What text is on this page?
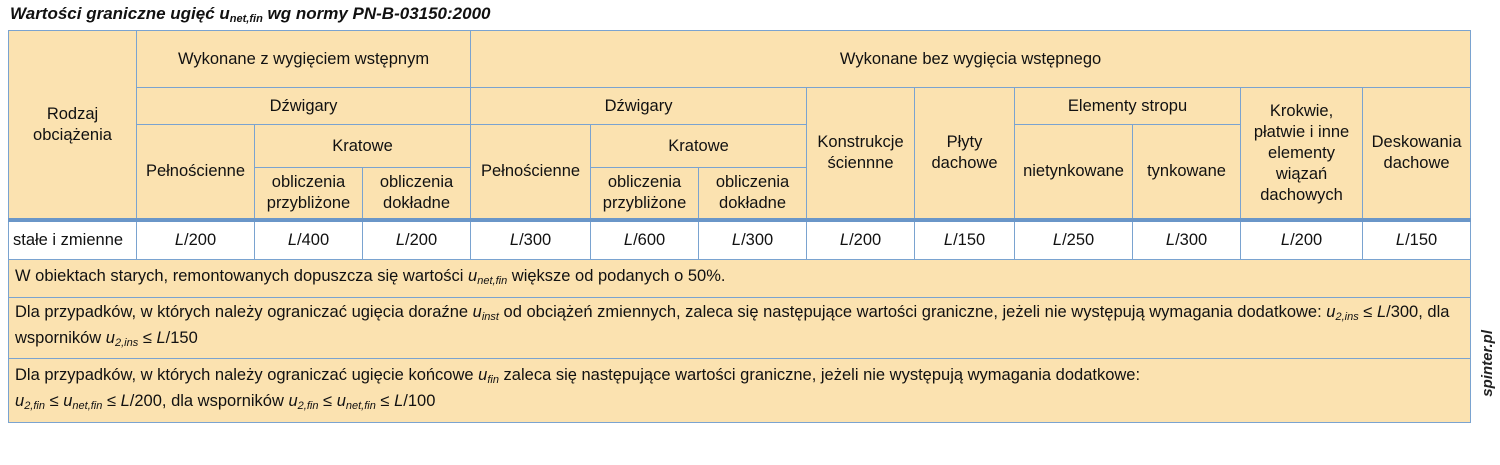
Wartości graniczne ugięć $u_{net,fin}$ wg normy PN-B-03150:2000
spinter.pl
Rodzaj obciążenia	Wykonane z wygięciem wstępnym			Wykonane bez wygięcia wstępnego								
	Dźwigary			Dźwigary			Konstrukcje ściennne	Płyty dachowe	Elementy stropu		Krokwie, płatwie i inne elementy wiązań dachowych	Deskowania dachowe
	Pełnościenne	Kratowe		Pełnościenne	Kratowe				nietynkowane	tynkowane		
		obliczenia przybliżone	obliczenia dokładne		obliczenia przybliżone	obliczenia dokładne						
stałe i zmienne	L/200	L/400	L/200	L/300	L/600	L/300	L/200	L/150	L/250	L/300	L/200	L/150
W obiektach starych, remontowanych dopuszcza się wartości $u_{net,fin}$ większe od podanych o 50%.												
Dla przypadków, w których należy ograniczać ugięcia doraźne $u_{inst}$ od obciążeń zmiennych, zaleca się następujące wartości graniczne, jeżeli nie występują wymagania dodatkowe: $u_{2,ins} \le L/300$, dla wsporników $u_{2,ins} \le L/150$												
Dla przypadków, w których należy ograniczać ugięcie końcowe $u_{fin}$ zaleca się następujące wartości graniczne, jeżeli nie występują wymagania dodatkowe:
$u_{2,fin} \le u_{net,fin} \le L/200$, dla wsporników $u_{2,fin} \le u_{net,fin} \le L/100$												
